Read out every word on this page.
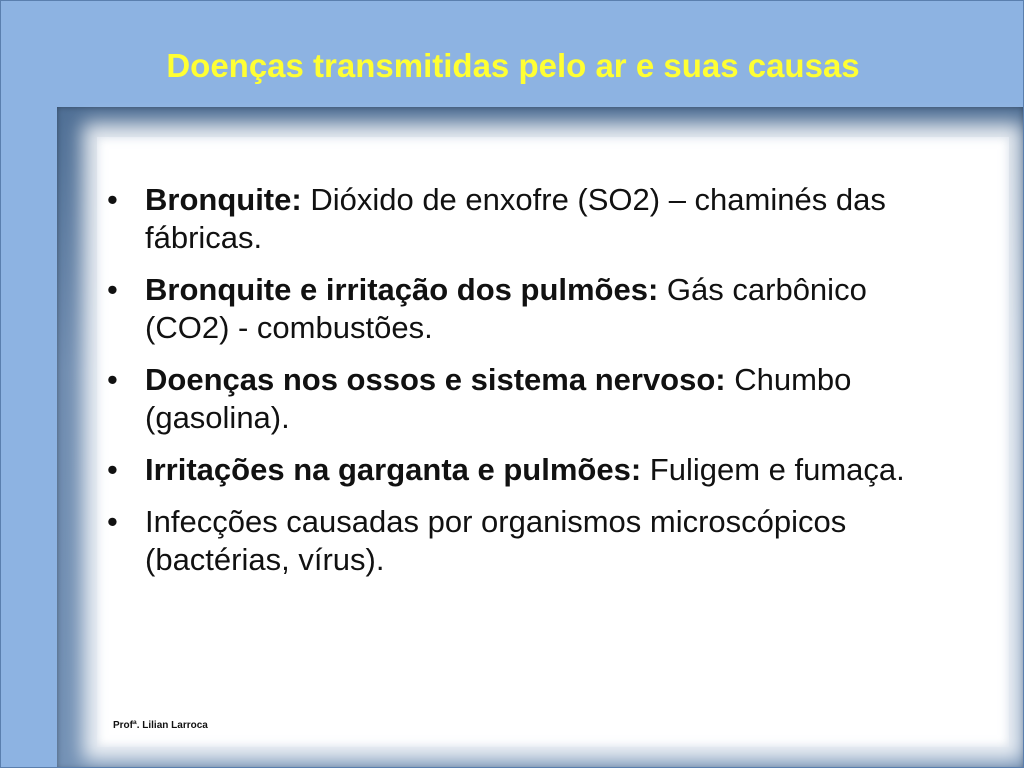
Doenças transmitidas pelo ar e suas causas
• Bronquite: Dióxido de enxofre (SO2) – chaminés das fábricas.
• Bronquite e irritação dos pulmões: Gás carbônico (CO2) - combustões.
• Doenças nos ossos e sistema nervoso: Chumbo (gasolina).
• Irritações na garganta e pulmões: Fuligem e fumaça.
• Infecções causadas por organismos microscópicos (bactérias, vírus).
Profª. Lilian Larroca
